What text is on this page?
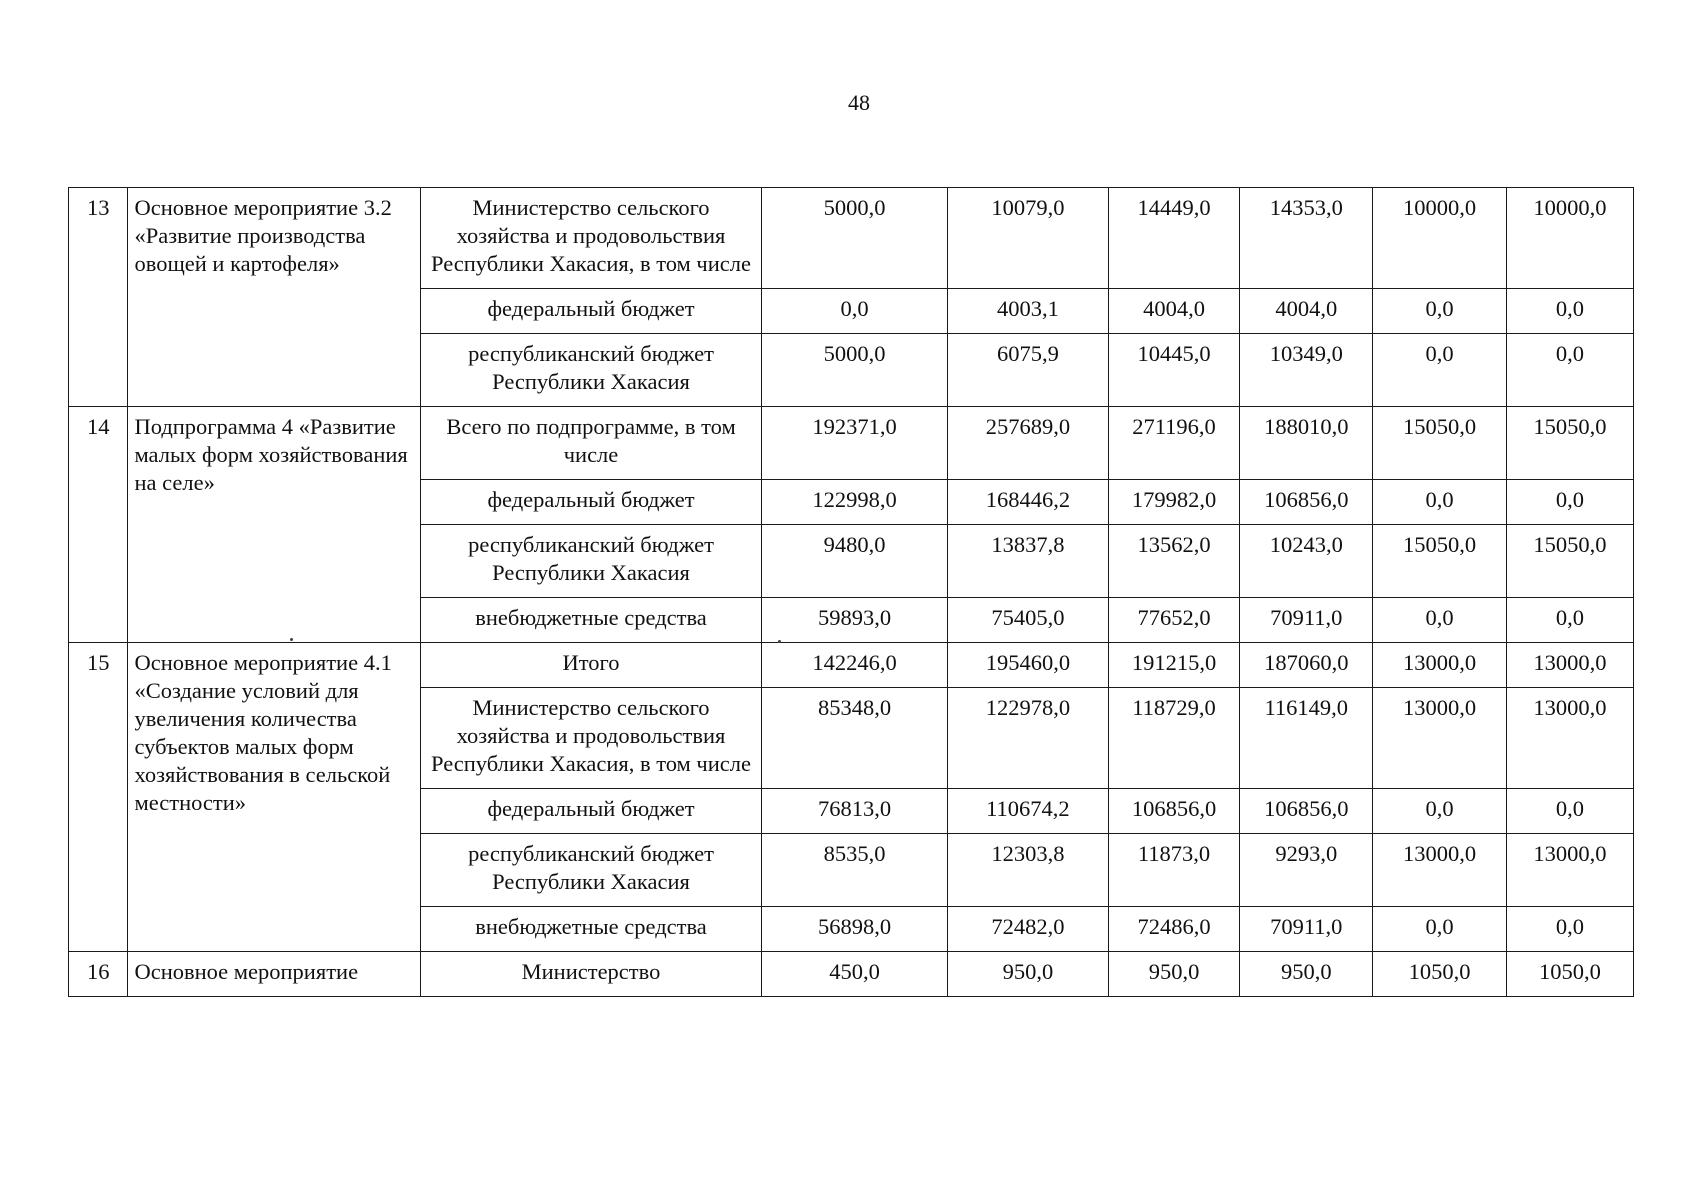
48
13	Основное мероприятие 3.2 «Развитие производства овощей и картофеля»	Министерство сельского хозяйства и продовольствия Республики Хакасия, в том числе	5000,0	10079,0	14449,0	14353,0	10000,0	10000,0
		федеральный бюджет	0,0	4003,1	4004,0	4004,0	0,0	0,0
		республиканский бюджет Республики Хакасия	5000,0	6075,9	10445,0	10349,0	0,0	0,0
14	Подпрограмма 4 «Развитие малых форм хозяйствования на селе»	Всего по подпрограмме, в том числе	192371,0	257689,0	271196,0	188010,0	15050,0	15050,0
		федеральный бюджет	122998,0	168446,2	179982,0	106856,0	0,0	0,0
		республиканский бюджет Республики Хакасия	9480,0	13837,8	13562,0	10243,0	15050,0	15050,0
		внебюджетные средства	59893,0	75405,0	77652,0	70911,0	0,0	0,0
15	Основное мероприятие 4.1 «Создание условий для увеличения количества субъектов малых форм хозяйствования в сельской местности»	Итого	142246,0	195460,0	191215,0	187060,0	13000,0	13000,0
		Министерство сельского хозяйства и продовольствия Республики Хакасия, в том числе	85348,0	122978,0	118729,0	116149,0	13000,0	13000,0
		федеральный бюджет	76813,0	110674,2	106856,0	106856,0	0,0	0,0
		республиканский бюджет Республики Хакасия	8535,0	12303,8	11873,0	9293,0	13000,0	13000,0
		внебюджетные средства	56898,0	72482,0	72486,0	70911,0	0,0	0,0
16	Основное мероприятие	Министерство	450,0	950,0	950,0	950,0	1050,0	1050,0
